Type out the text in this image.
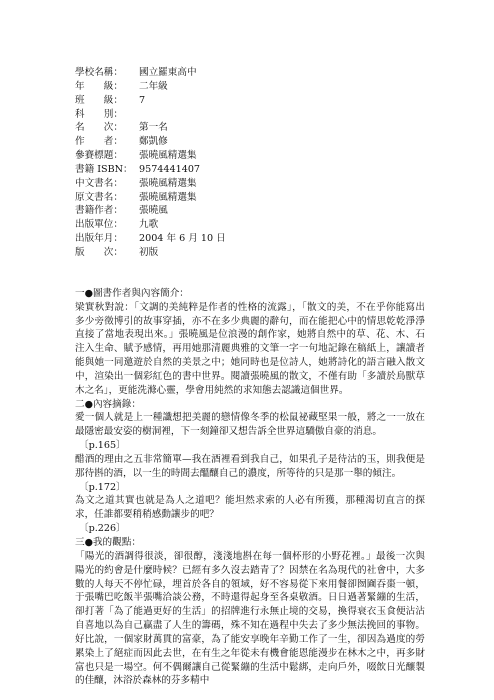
學校名稱：	國立羅東高中
年　　級：	二年級
班　　級：	7
科　　別：
名　　次：	第一名
作　　者：	鄭凱修
參賽標題：	張曉風精選集
書籍 ISBN： 9574441407
中文書名：	張曉風精選集
原文書名：	張曉風精選集
書籍作者：	張曉風
出版單位：	九歌
出版年月：	2004 年 6 月 10 日
版　　次：	初版
一●圖書作者與內容簡介：
梁實秋對說：「文調的美純粹是作者的性格的流露」，「散文的美，不在乎你能寫出多少旁徵博引的故事穿插，亦不在多少典麗的辭句，而在能把心中的情思乾乾淨淨直接了當地表現出來。」張曉風是位浪漫的創作家，她將自然中的草、花、木、石注入生命、賦予感情，再用她那清麗典雅的文筆一字一句地記錄在稿紙上，讓讀者能與她一同邀遊於自然的美景之中；她同時也是位詩人，她將詩化的語言融入散文中，渲染出一個彩紅色的書中世界。閱讀張曉風的散文，不僅有助「多讀於鳥獸草木之名」，更能洗滌心靈，學會用純然的求知態去認識這個世界。
二●內容摘錄：
愛一個人就是上一種讖想把美麗的戀情像冬季的松鼠祕藏堅果一般，將之一一放在最隱密最安姿的樹洞裡，下一刻鐘卻又想告訴全世界這驕傲自豪的消息。
〔p.165〕
醋酒的理由之五非常簡單—我在酒裡看到我自己，如果孔子是待沽的玉，則我便是那待斟的酒，以一生的時間去醞釀自己的濃度，所等待的只是那一舉的傾注。
〔p.172〕
為文之道其實也就是為人之道吧？能坦然求索的人必有所獲，那種渴切直言的探求，任誰都要稍稍感動讓步的吧？
〔p.226〕
三●我的觀點：
「陽光的酒調得很淡，卻很醇，淺淺地斟在每一個杯形的小野花裡。」最後一次與陽光的約會是什麼時候？已經有多久沒去踏青了？因禁在名為現代的社會中，大多數的人每天不停忙碌，埋首於各自的領域，好不容易從下來用餐卻囫圇吞棗一頓，于張嘴巴吃飯半張嘴洽談公務，不時還得起身至各桌敬酒。日日過著緊繃的生活，卻打著「為了能過更好的生活」的招牌進行永無止境的交易，換得衰衣玉食便沾沾自喜地以為自己贏盡了人生的籌碼，殊不知在過程中失去了多少無法挽回的事物。好比說，一個家財萬貫的富豪，為了能安享晚年辛勤工作了一生，卻因為過度的勞累染上了絕症而因此去世，在有生之年從未有機會能恩能漫步在林木之中，再多財富也只是一場空。何不偶爾讓自己從緊繃的生活中鬆綁，走向戶外，啜飲日光釀製的佳釀，沐浴於森林的芬多精中
